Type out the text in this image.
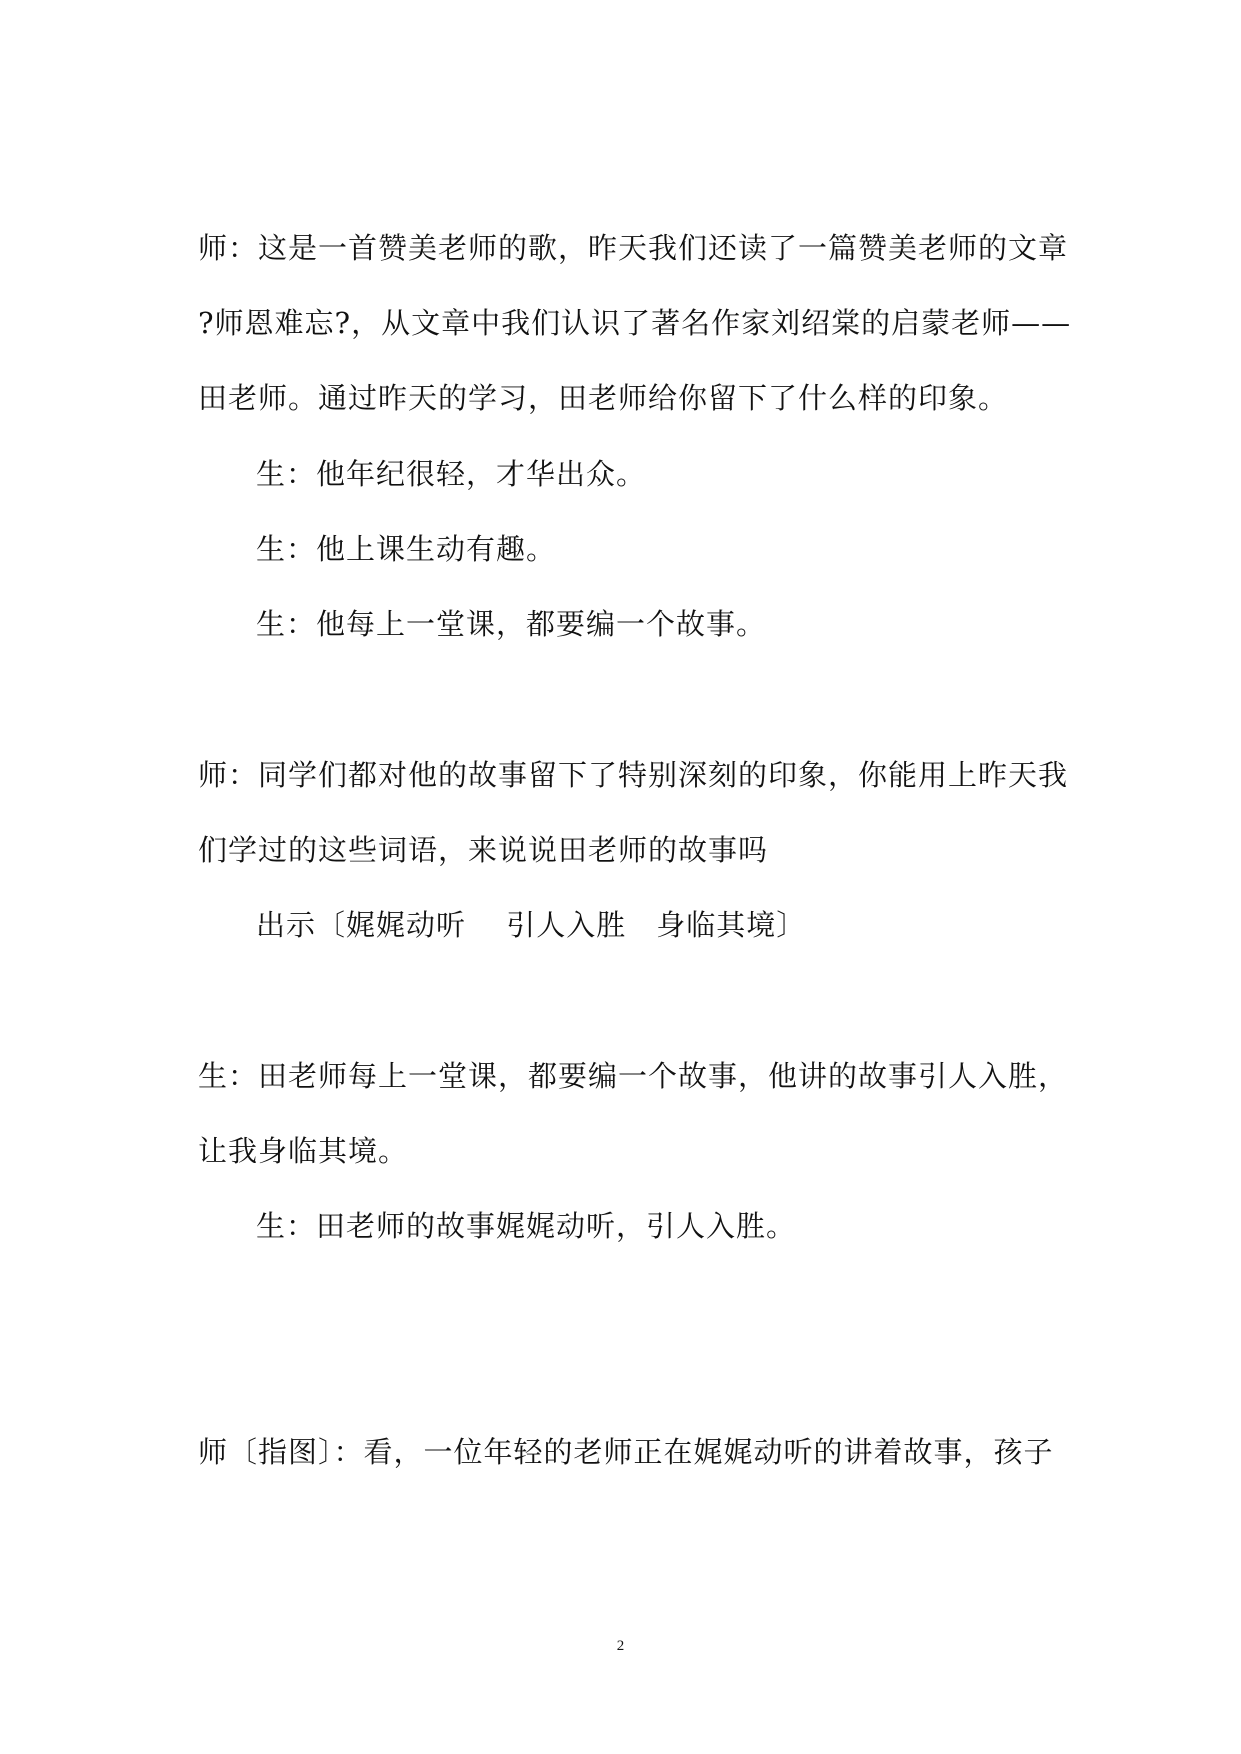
师：这是一首赞美老师的歌，昨天我们还读了一篇赞美老师的文章
?师恩难忘?，从文章中我们认识了著名作家刘绍棠的启蒙老师——
田老师。通过昨天的学习，田老师给你留下了什么样的印象。
生：他年纪很轻，才华出众。
生：他上课生动有趣。
生：他每上一堂课，都要编一个故事。
师：同学们都对他的故事留下了特别深刻的印象，你能用上昨天我
们学过的这些词语，来说说田老师的故事吗
出示〔娓娓动听　 引人入胜　身临其境〕
生：田老师每上一堂课，都要编一个故事，他讲的故事引人入胜，
让我身临其境。
生：田老师的故事娓娓动听，引人入胜。
师〔指图〕：看，一位年轻的老师正在娓娓动听的讲着故事，孩子
2
